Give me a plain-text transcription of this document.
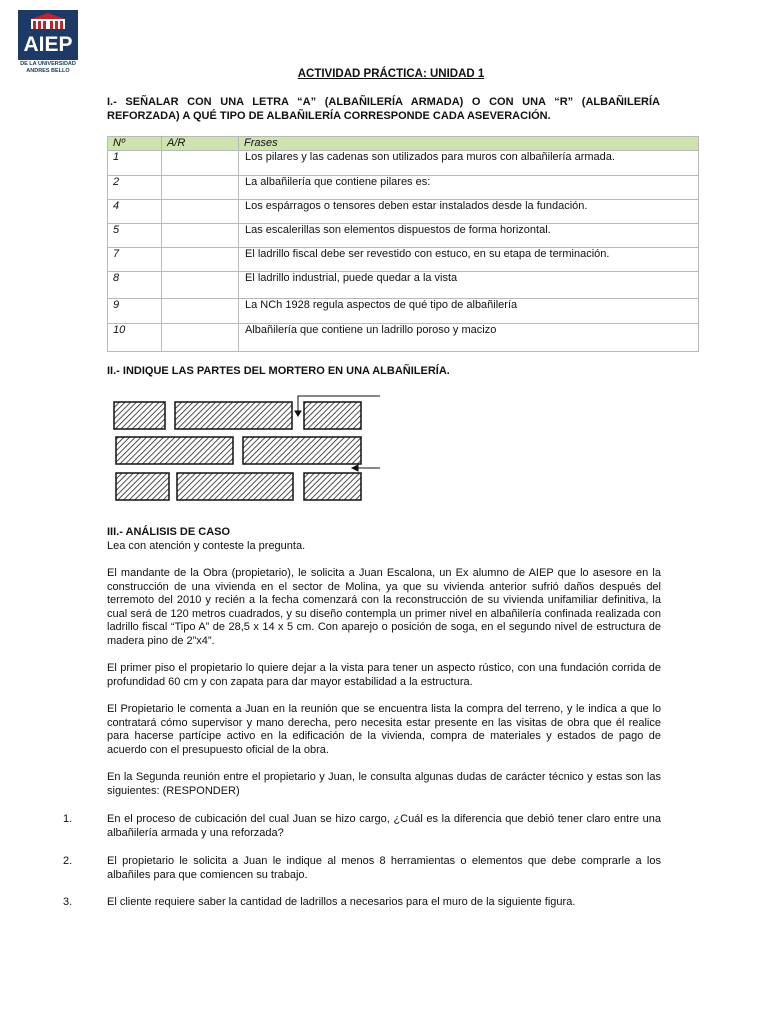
AIEP
DE LA UNIVERSIDAD
ANDRES BELLO	ACTIVIDAD PRÁCTICA: UNIDAD 1
I.- SEÑALAR CON UNA LETRA “A” (ALBAÑILERÍA ARMADA) O CON UNA “R” (ALBAÑILERÍA REFORZADA) A QUÉ TIPO DE ALBAÑILERÍA CORRESPONDE CADA ASEVERACIÓN.
Nº	A/R	Frases
1		Los pilares y las cadenas son utilizados para muros con albañilería armada.
2		La albañilería que contiene pilares es:
4		Los espárragos o tensores deben estar instalados desde la fundación.
5		Las escalerillas son elementos dispuestos de forma horizontal.
7		El ladrillo fiscal debe ser revestido con estuco, en su etapa de terminación.
8		El ladrillo industrial, puede quedar a la vista
9		La NCh 1928 regula aspectos de qué tipo de albañilería
10		Albañilería que contiene un ladrillo poroso y macizo
II.- INDIQUE LAS PARTES DEL MORTERO EN UNA ALBAÑILERÍA.
III.- ANÁLISIS DE CASO

Lea con atención y conteste la pregunta.

El mandante de la Obra (propietario), le solicita a Juan Escalona, un Ex alumno de AIEP que lo asesore en la construcción de una vivienda en el sector de Molina, ya que su vivienda anterior sufrió daños después del terremoto del 2010 y recién a la fecha comenzará con la reconstrucción de su vivienda unifamiliar definitiva, la cual será de 120 metros cuadrados, y su diseño contempla un primer nivel en albañilería confinada realizada con ladrillo fiscal “Tipo A” de 28,5 x 14 x 5 cm. Con aparejo o posición de soga, en el segundo nivel de estructura de madera pino de 2”x4”.

El primer piso el propietario lo quiere dejar a la vista para tener un aspecto rústico, con una fundación corrida de profundidad 60 cm y con zapata para dar mayor estabilidad a la estructura.

El Propietario le comenta a Juan en la reunión que se encuentra lista la compra del terreno, y le indica a que lo contratará cómo supervisor y mano derecha, pero necesita estar presente en las visitas de obra que él realice para hacerse partícipe activo en la edificación de la vivienda, compra de materiales y estados de pago de acuerdo con el presupuesto oficial de la obra.

En la Segunda reunión entre el propietario y Juan, le consulta algunas dudas de carácter técnico y estas son las siguientes: (RESPONDER)

1.	En el proceso de cubicación del cual Juan se hizo cargo, ¿Cuál es la diferencia que debió tener claro entre una albañilería armada y una reforzada?

2.	El propietario le solicita a Juan le indique al menos 8 herramientas o elementos que debe comprarle a los albañiles para que comiencen su trabajo.

3.	El cliente requiere saber la cantidad de ladrillos a necesarios para el muro de la siguiente figura.
